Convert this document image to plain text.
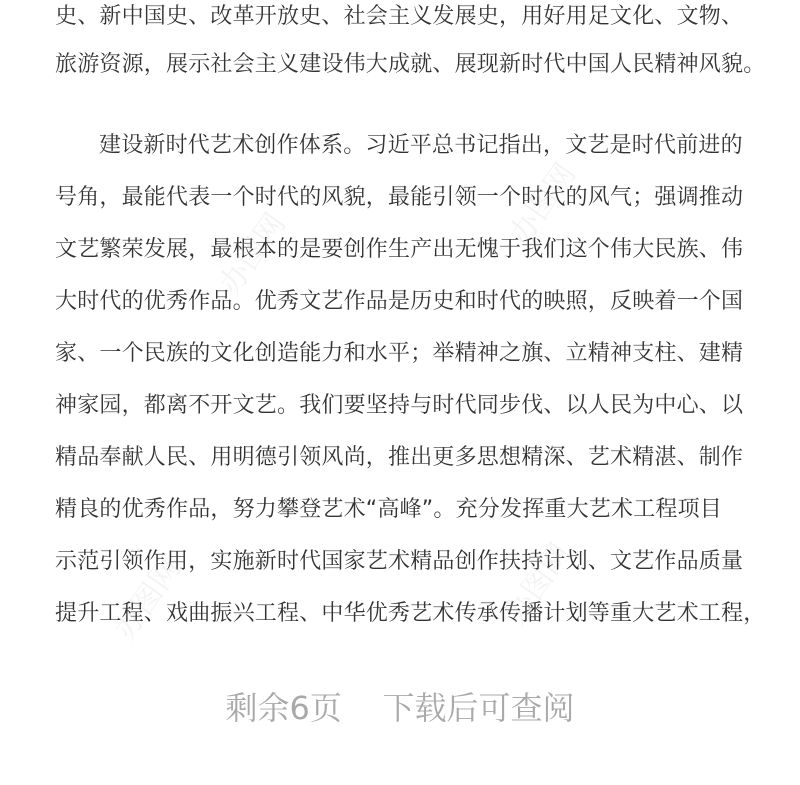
史、新中国史、改革开放史、社会主义发展史，用好用足文化、文物、
旅游资源，展示社会主义建设伟大成就、展现新时代中国人民精神风貌。
建设新时代艺术创作体系。习近平总书记指出，文艺是时代前进的
号角，最能代表一个时代的风貌，最能引领一个时代的风气；强调推动
文艺繁荣发展，最根本的是要创作生产出无愧于我们这个伟大民族、伟
大时代的优秀作品。优秀文艺作品是历史和时代的映照，反映着一个国
家、一个民族的文化创造能力和水平；举精神之旗、立精神支柱、建精
神家园，都离不开文艺。我们要坚持与时代同步伐、以人民为中心、以
精品奉献人民、用明德引领风尚，推出更多思想精深、艺术精湛、制作
精良的优秀作品，努力攀登艺术“高峰”。充分发挥重大艺术工程项目
示范引领作用，实施新时代国家艺术精品创作扶持计划、文艺作品质量
提升工程、戏曲振兴工程、中华优秀艺术传承传播计划等重大艺术工程，
办图网
办图网
办图网
办图网
剩余6页    下载后可查阅
